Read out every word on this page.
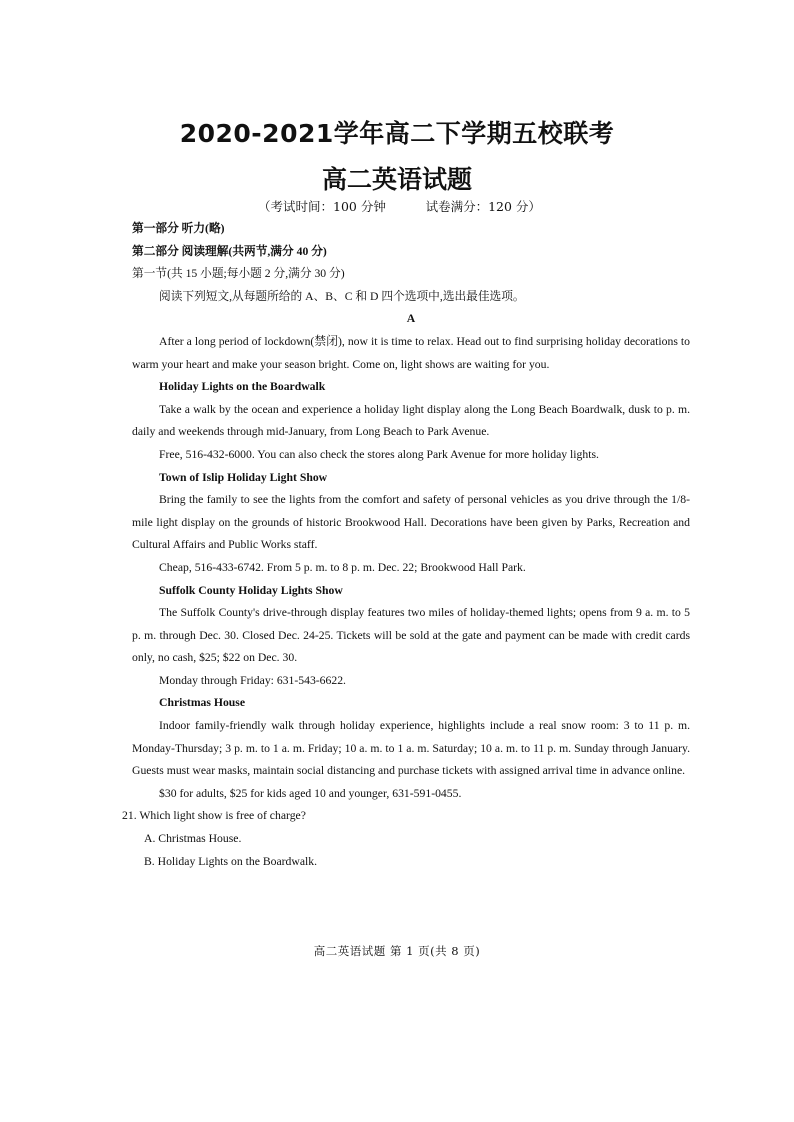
2020-2021学年高二下学期五校联考
高二英语试题
（考试时间：100 分钟          试卷满分：120 分）

第一部分 听力(略)

第二部分 阅读理解(共两节,满分 40 分)

第一节(共 15 小题;每小题 2 分,满分 30 分)

阅读下列短文,从每题所给的 A、B、C 和 D 四个选项中,选出最佳选项。

A

After a long period of lockdown(禁闭), now it is time to relax. Head out to find surprising holiday decorations to warm your heart and make your season bright. Come on, light shows are waiting for you.

Holiday Lights on the Boardwalk

Take a walk by the ocean and experience a holiday light display along the Long Beach Boardwalk, dusk to p. m. daily and weekends through mid-January, from Long Beach to Park Avenue.

Free, 516-432-6000. You can also check the stores along Park Avenue for more holiday lights.

Town of Islip Holiday Light Show

Bring the family to see the lights from the comfort and safety of personal vehicles as you drive through the 1/8-mile light display on the grounds of historic Brookwood Hall. Decorations have been given by Parks, Recreation and Cultural Affairs and Public Works staff.

Cheap, 516-433-6742. From 5 p. m. to 8 p. m. Dec. 22; Brookwood Hall Park.

Suffolk County Holiday Lights Show

The Suffolk County's drive-through display features two miles of holiday-themed lights; opens from 9 a. m. to 5 p. m. through Dec. 30. Closed Dec. 24-25. Tickets will be sold at the gate and payment can be made with credit cards only, no cash, $25; $22 on Dec. 30.

Monday through Friday: 631-543-6622.

Christmas House

Indoor family-friendly walk through holiday experience, highlights include a real snow room: 3 to 11 p. m. Monday-Thursday; 3 p. m. to 1 a. m. Friday; 10 a. m. to 1 a. m. Saturday; 10 a. m. to 11 p. m. Sunday through January. Guests must wear masks, maintain social distancing and purchase tickets with assigned arrival time in advance online.

$30 for adults, $25 for kids aged 10 and younger, 631-591-0455.

21. Which light show is free of charge?

A. Christmas House.

B. Holiday Lights on the Boardwalk.

高二英语试题 第 1 页(共 8 页)
